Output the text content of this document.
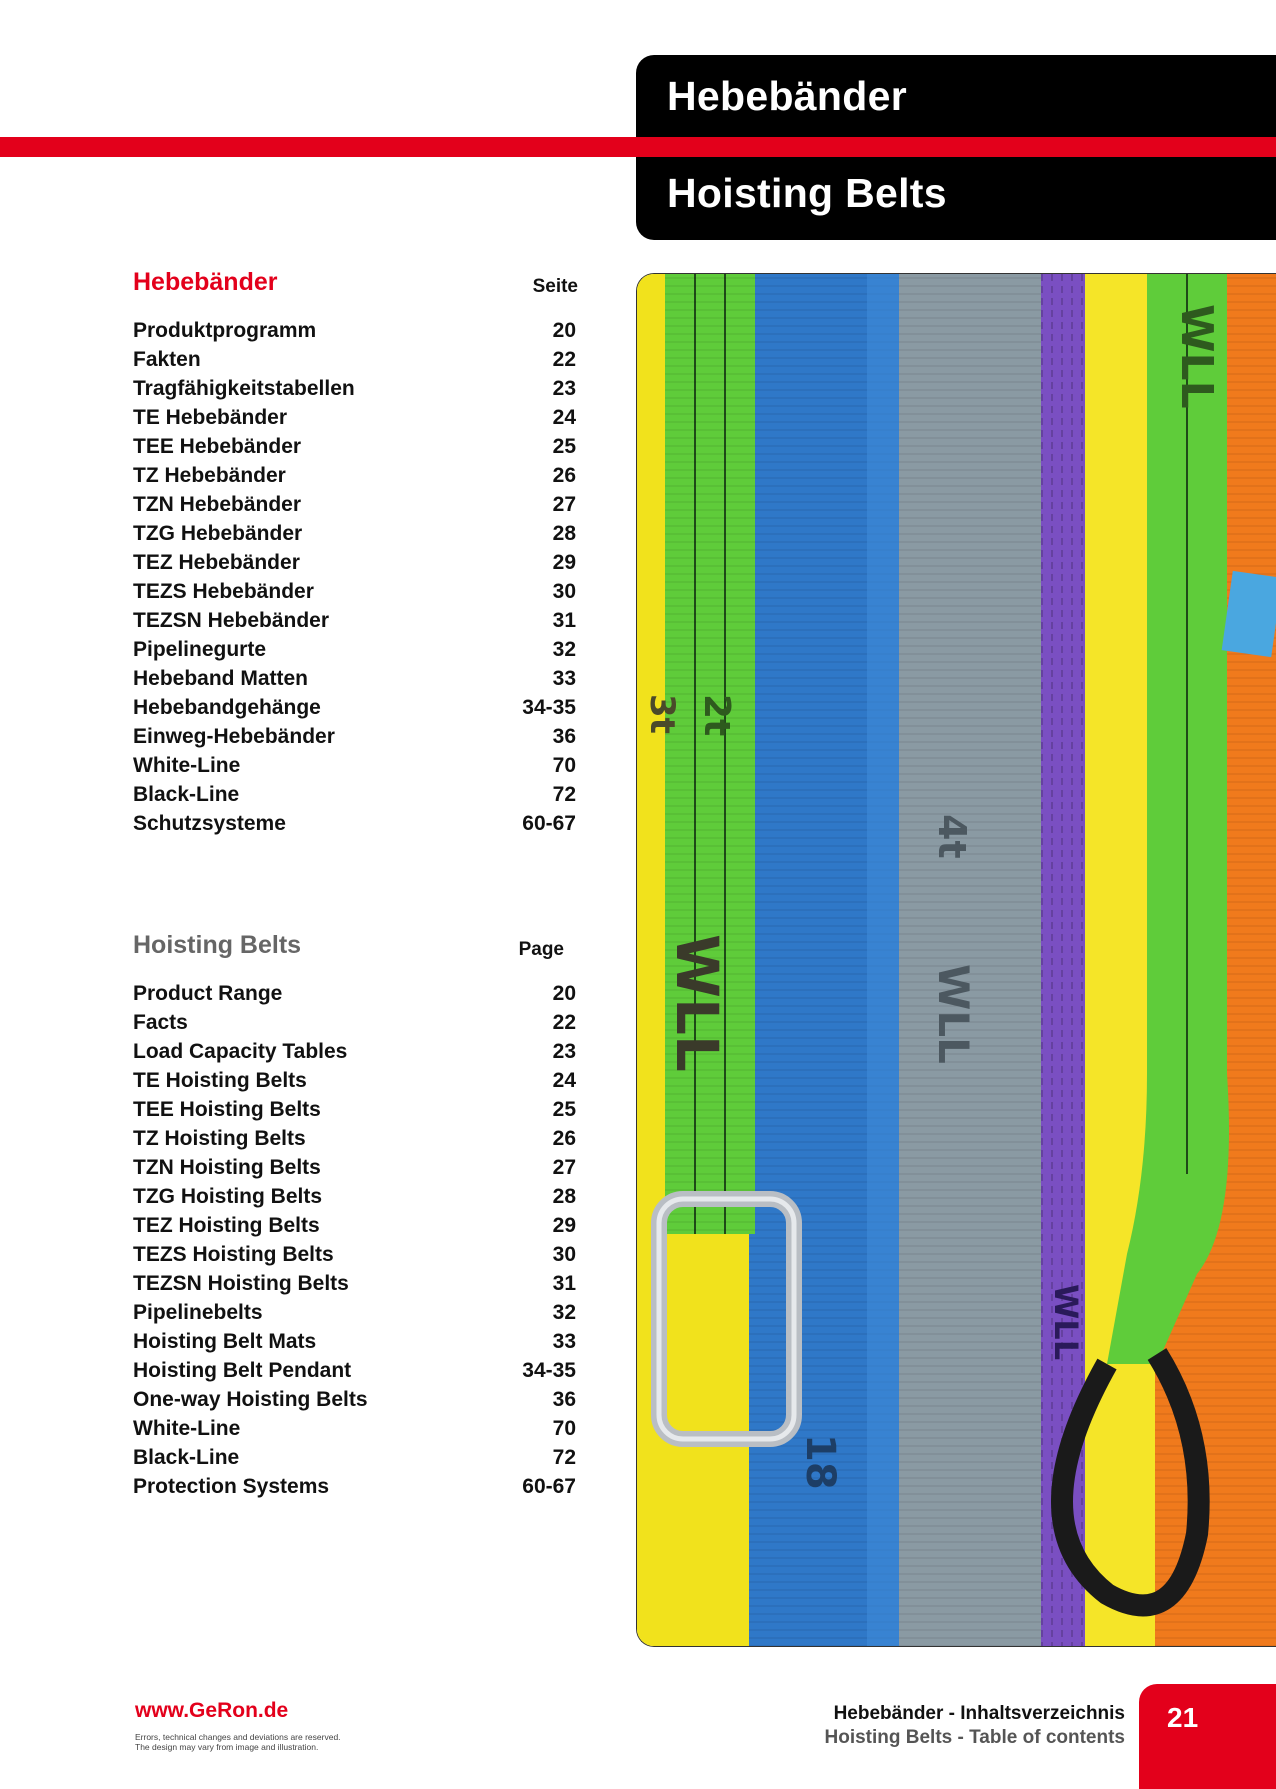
Hebebänder
Hoisting Belts
Hebebänder	Seite
Produktprogramm	20
Fakten	22
Tragfähigkeitstabellen	23
TE Hebebänder	24
TEE Hebebänder	25
TZ Hebebänder	26
TZN Hebebänder	27
TZG Hebebänder	28
TEZ Hebebänder	29
TEZS Hebebänder	30
TEZSN Hebebänder	31
Pipelinegurte	32
Hebeband Matten	33
Hebebandgehänge	34-35
Einweg-Hebebänder	36
White-Line	70
Black-Line	72
Schutzsysteme	60-67
Hoisting Belts	Page
Product Range	20
Facts	22
Load Capacity Tables	23
TE Hoisting Belts	24
TEE Hoisting Belts	25
TZ Hoisting Belts	26
TZN Hoisting Belts	27
TZG Hoisting Belts	28
TEZ Hoisting Belts	29
TEZS Hoisting Belts	30
TEZSN Hoisting Belts	31
Pipelinebelts	32
Hoisting Belt Mats	33
Hoisting Belt Pendant	34-35
One-way Hoisting Belts	36
White-Line	70
Black-Line	72
Protection Systems	60-67
WLL
2t
3t
4t
WLL
WLL
18
WLL
www.GeRon.de
Errors, technical changes and deviations are reserved.
The design may vary from image and illustration.
Hebebänder - Inhaltsverzeichnis
Hoisting Belts - Table of contents
21
